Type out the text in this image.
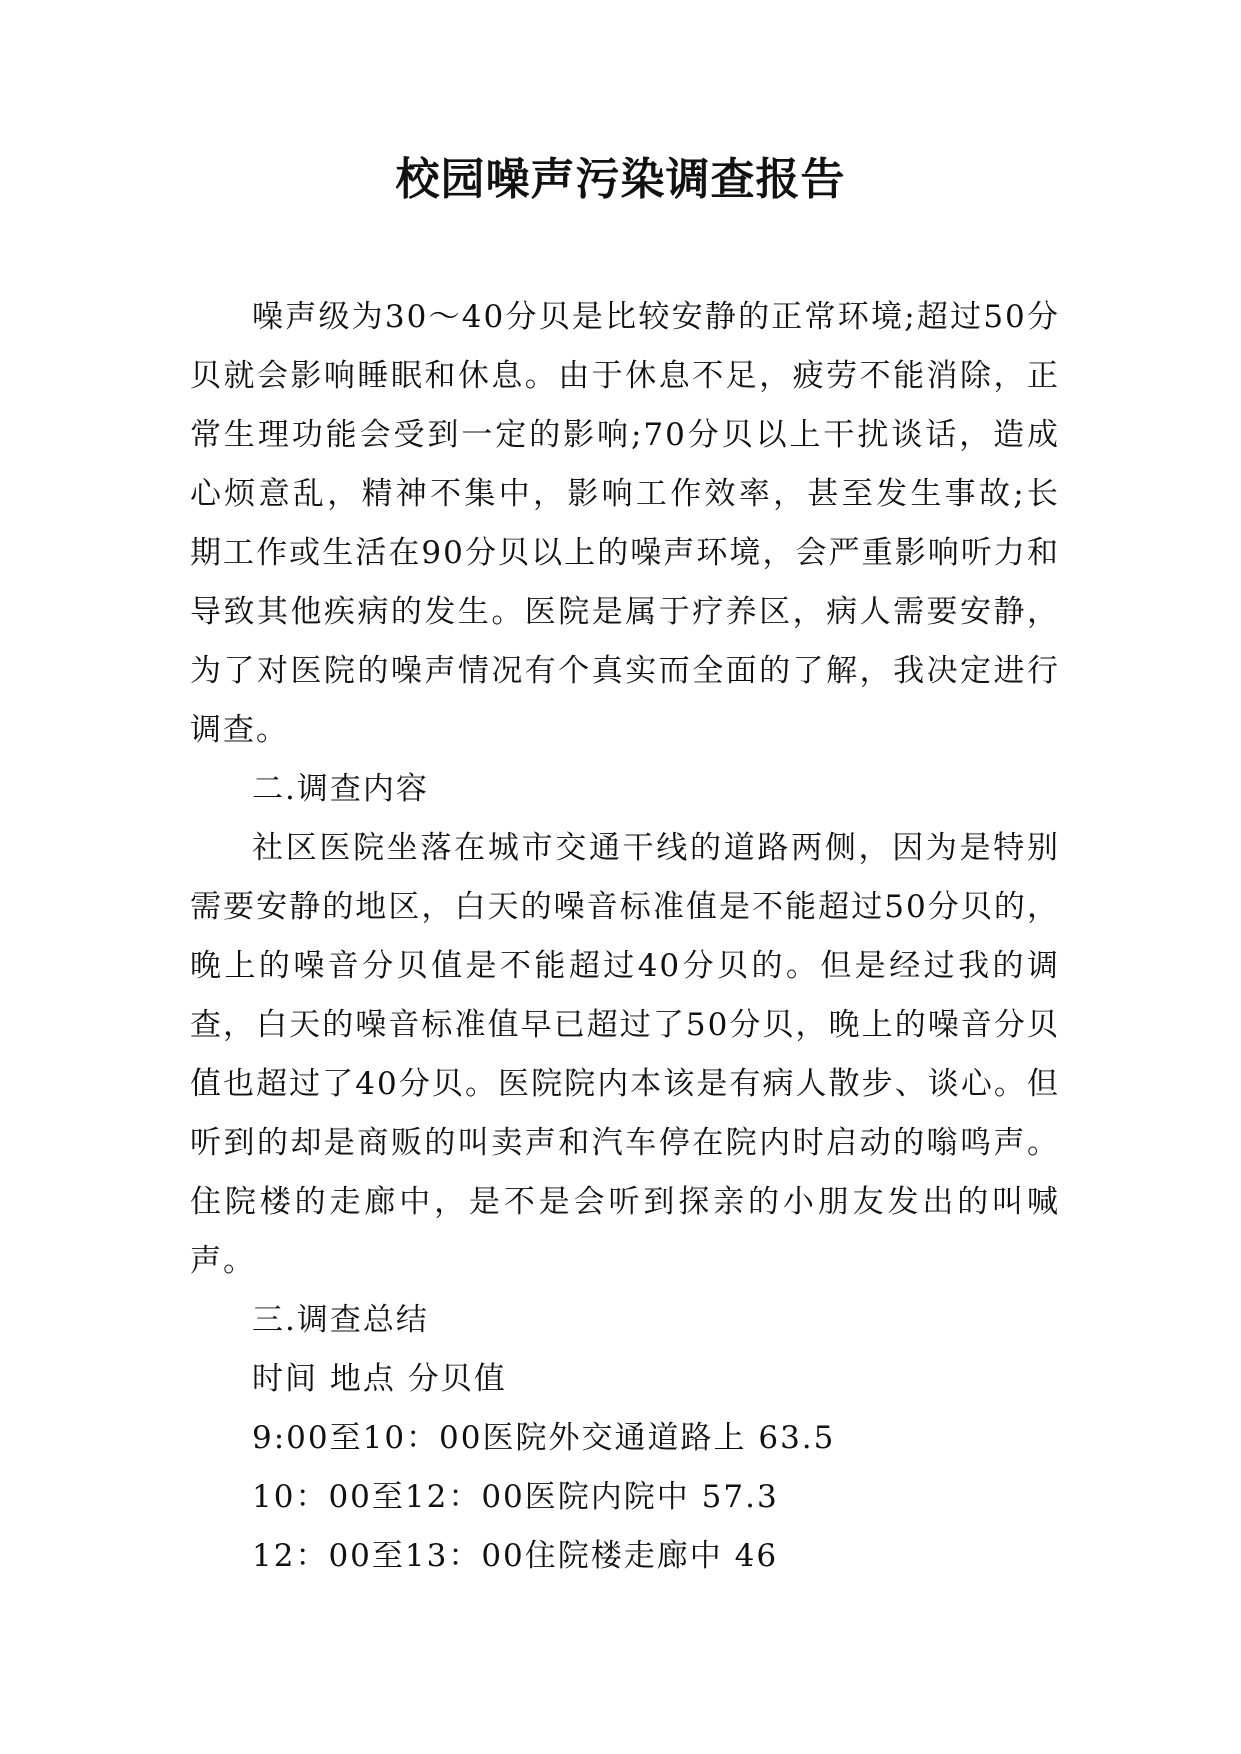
校园噪声污染调查报告

噪声级为30～40分贝是比较安静的正常环境;超过50分贝就会影响睡眠和休息。由于休息不足，疲劳不能消除，正常生理功能会受到一定的影响;70分贝以上干扰谈话，造成心烦意乱，精神不集中，影响工作效率，甚至发生事故;长期工作或生活在90分贝以上的噪声环境，会严重影响听力和导致其他疾病的发生。医院是属于疗养区，病人需要安静，为了对医院的噪声情况有个真实而全面的了解，我决定进行调查。

二.调查内容

社区医院坐落在城市交通干线的道路两侧，因为是特别需要安静的地区，白天的噪音标准值是不能超过50分贝的，晚上的噪音分贝值是不能超过40分贝的。但是经过我的调查，白天的噪音标准值早已超过了50分贝，晚上的噪音分贝值也超过了40分贝。医院院内本该是有病人散步、谈心。但听到的却是商贩的叫卖声和汽车停在院内时启动的嗡鸣声。住院楼的走廊中，是不是会听到探亲的小朋友发出的叫喊声。

三.调查总结

时间 地点 分贝值

9:00至10：00医院外交通道路上 63.5

10：00至12：00医院内院中 57.3

12：00至13：00住院楼走廊中 46
